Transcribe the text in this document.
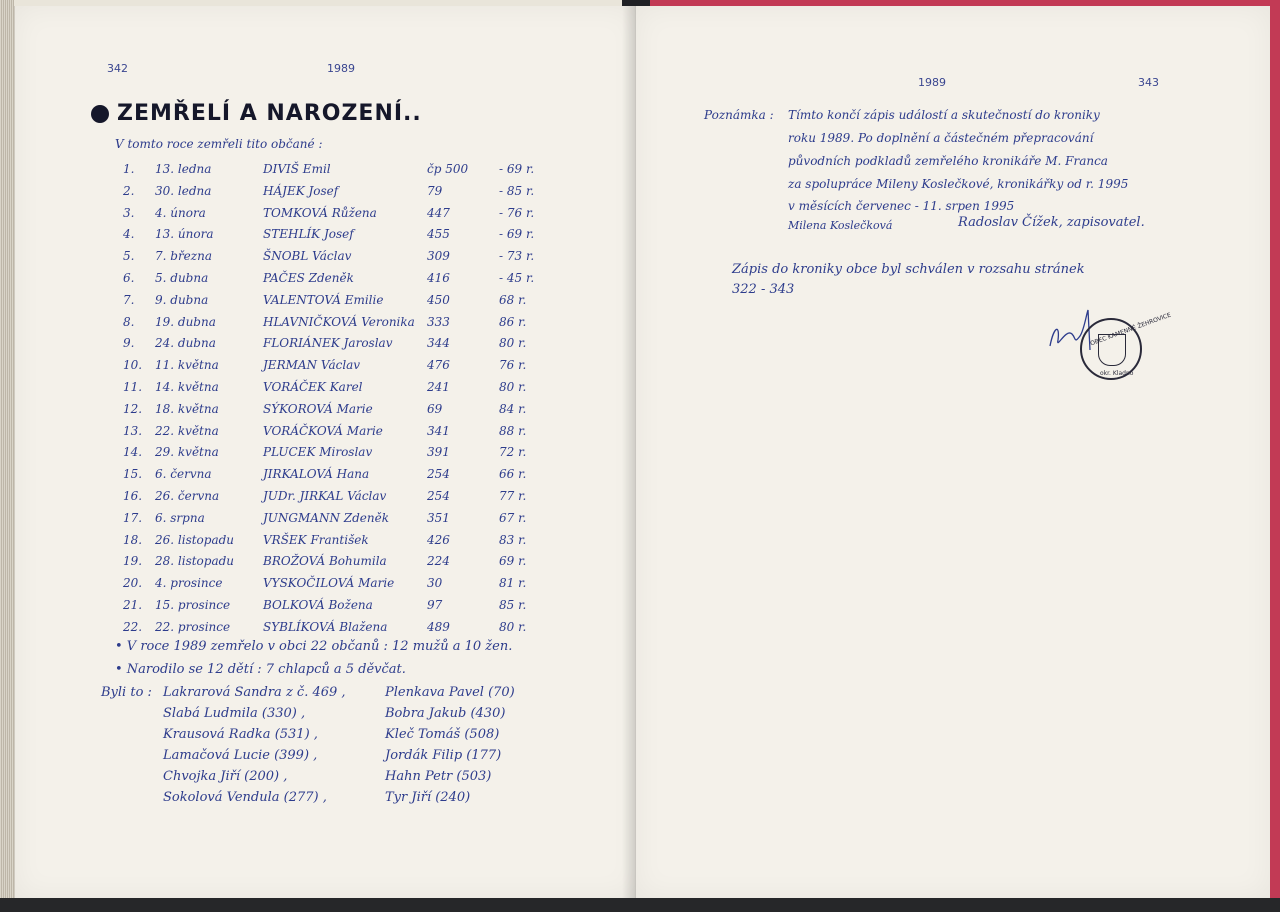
342	1989
ZEMŘELÍ A NAROZENÍ..
V tomto roce zemřeli tito občané :
1. 13. ledna	DIVIŠ Emil	čp 500	- 69 r.
2. 30. ledna	HÁJEK Josef	79	- 85 r.
3. 4. února	TOMKOVÁ Růžena	447	- 76 r.
4. 13. února	STEHLÍK Josef	455	- 69 r.
5. 7. března	ŠNOBL Václav	309	- 73 r.
6. 5. dubna	PAČES Zdeněk	416	- 45 r.
7. 9. dubna	VALENTOVÁ Emilie	450	68 r.
8. 19. dubna	HLAVNIČKOVÁ Veronika 333	86 r.
9. 24. dubna	FLORIÁNEK Jaroslav	344	80 r.
10. 11. května	JERMAN Václav	476	76 r.
11. 14. května	VORÁČEK Karel	241	80 r.
12. 18. května	SÝKOROVÁ Marie	69	84 r.
13. 22. května	VORÁČKOVÁ Marie	341	88 r.
14. 29. května	PLUCEK Miroslav	391	72 r.
15. 6. června	JIRKALOVÁ Hana	254	66 r.
16. 26. června	JUDr. JIRKAL Václav	254	77 r.
17. 6. srpna	JUNGMANN Zdeněk	351	67 r.
18. 26. listopadu VRŠEK František	426	83 r.
19. 28. listopadu BROŽOVÁ Bohumila	224	69 r.
20. 4. prosince	VYSKOČILOVÁ Marie	30	81 r.
21. 15. prosince	BOLKOVÁ Božena	97	85 r.
22. 22. prosince	SYBLÍKOVÁ Blažena	489	80 r.
• V roce 1989 zemřelo v obci 22 občanů : 12 mužů a 10 žen.
• Narodilo se 12 dětí : 7 chlapců a 5 děvčat.
Byli to : Lakrarová Sandra z č. 469 ,	Plenkava Pavel (70)
Slabá Ludmila (330) ,	Bobra Jakub (430)
Krausová Radka (531) ,	Kleč Tomáš (508)
Lamačová Lucie (399) ,	Jordák Filip (177)
Chvojka Jiří (200) ,	Hahn Petr (503)
Sokolová Vendula (277) ,	Tyr Jiří (240)
1989	343
Poznámka : Tímto končí zápis událostí a skutečností do kroniky
roku 1989. Po doplnění a částečném přepracování
původních podkladů zemřelého kronikáře M. Franca
za spolupráce Mileny Koslečkové, kronikářky od r. 1995
v měsících červenec - 11. srpen 1995
Milena Koslečková	Radoslav Čížek, zapisovatel.
Zápis do kroniky obce byl schválen v rozsahu stránek
322 - 343
OBEC KAMENNÉ ŽEHROVICE
okr. Kladno
